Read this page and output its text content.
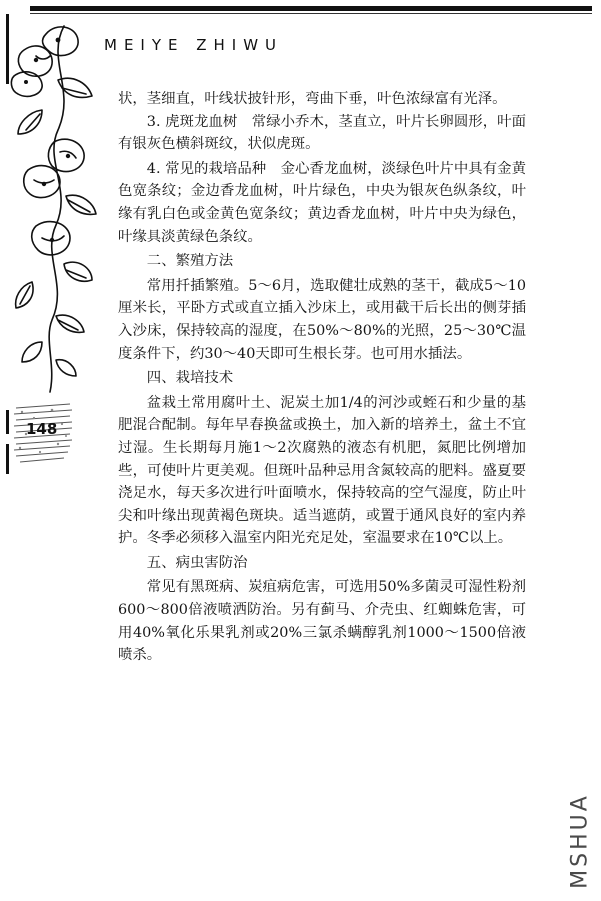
MEIYE ZHIWU
148

状，茎细直，叶线状披针形，弯曲下垂，叶色浓绿富有光泽。

3. 虎斑龙血树　常绿小乔木，茎直立，叶片长卵圆形，叶面有银灰色横斜斑纹，状似虎斑。

4. 常见的栽培品种　金心香龙血树，淡绿色叶片中具有金黄色宽条纹；金边香龙血树，叶片绿色，中央为银灰色纵条纹，叶缘有乳白色或金黄色宽条纹；黄边香龙血树，叶片中央为绿色，叶缘具淡黄绿色条纹。

二、繁殖方法

常用扦插繁殖。5～6月，选取健壮成熟的茎干，截成5～10厘米长，平卧方式或直立插入沙床上，或用截干后长出的侧芽插入沙床，保持较高的湿度，在50%～80%的光照，25～30℃温度条件下，约30～40天即可生根长芽。也可用水插法。

四、栽培技术

盆栽土常用腐叶土、泥炭土加1/4的河沙或蛭石和少量的基肥混合配制。每年早春换盆或换土，加入新的培养土，盆土不宜过湿。生长期每月施1～2次腐熟的液态有机肥，氮肥比例增加些，可使叶片更美观。但斑叶品种忌用含氮较高的肥料。盛夏要浇足水，每天多次进行叶面喷水，保持较高的空气湿度，防止叶尖和叶缘出现黄褐色斑块。适当遮荫，或置于通风良好的室内养护。冬季必须移入温室内阳光充足处，室温要求在10℃以上。

五、病虫害防治

常见有黑斑病、炭疽病危害，可选用50%多菌灵可湿性粉剂600～800倍液喷洒防治。另有蓟马、介壳虫、红蜘蛛危害，可用40%氧化乐果乳剂或20%三氯杀螨醇乳剂1000～1500倍液喷杀。

MSHUA
